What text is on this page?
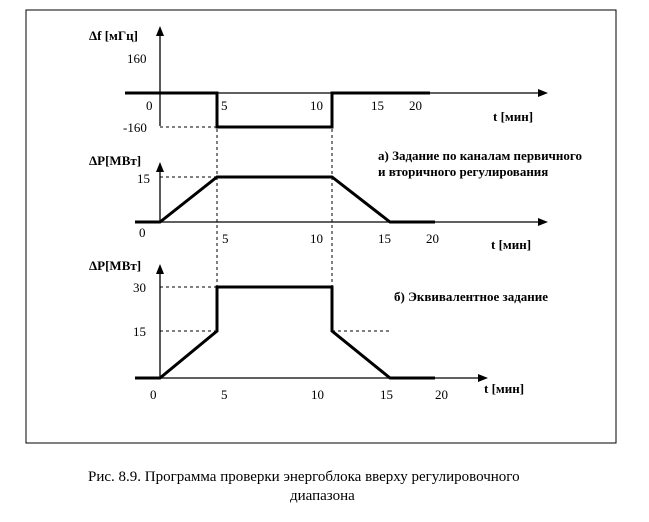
Δf [мГц]
160
-160
0	5	10	15 20
t [мин]
ΔP[МВт]
15
0	5	10	15	20	t [мин]
а) Задание по каналам первичного
и вторичного регулирования
ΔP[МВт]
30
15
0	5	10	15	20	t [мин]
б) Эквивалентное задание
Рис. 8.9. Программа проверки энергоблока вверху регулировочного
диапазона
